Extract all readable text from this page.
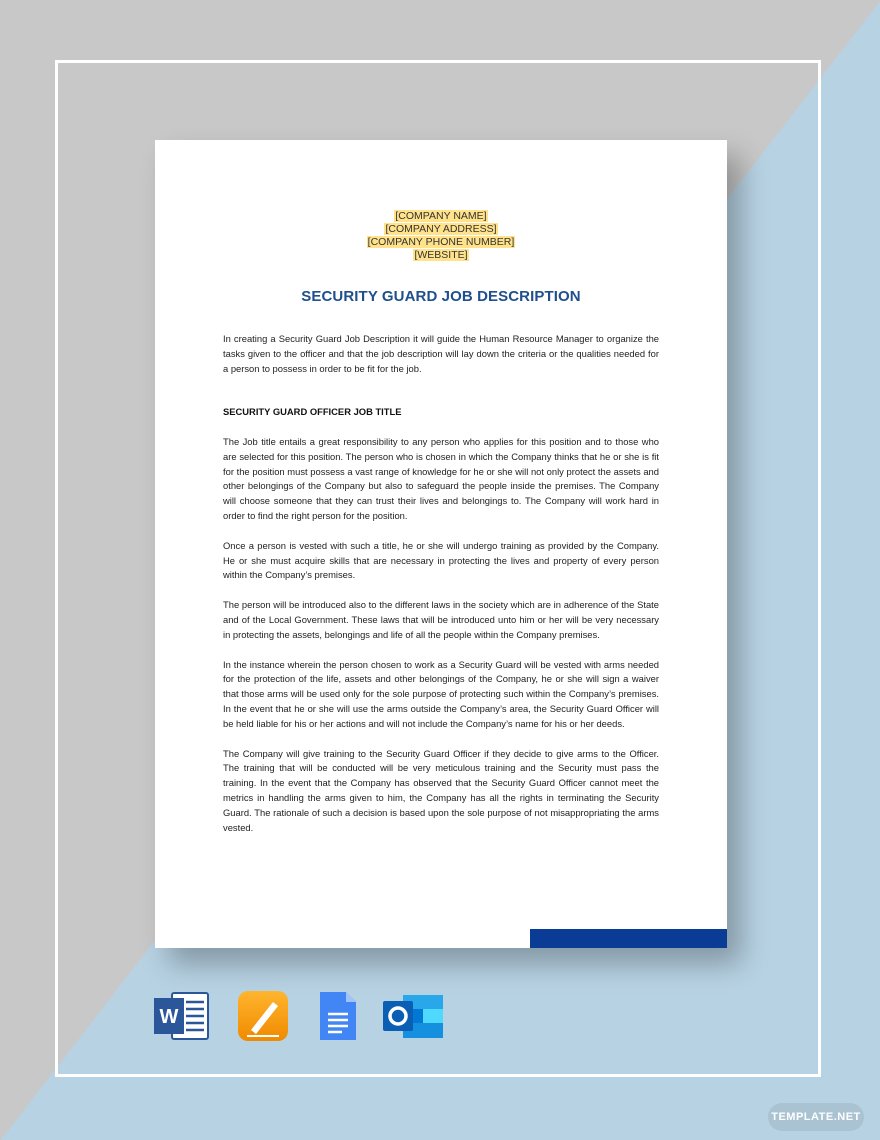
[COMPANY NAME]
[COMPANY ADDRESS]
[COMPANY PHONE NUMBER]
[WEBSITE]
SECURITY GUARD JOB DESCRIPTION

In creating a Security Guard Job Description it will guide the Human Resource Manager to organize the tasks given to the officer and that the job description will lay down the criteria or the qualities needed for a person to possess in order to be fit for the job.

SECURITY GUARD OFFICER JOB TITLE

The Job title entails a great responsibility to any person who applies for this position and to those who are selected for this position. The person who is chosen in which the Company thinks that he or she is fit for the position must possess a vast range of knowledge for he or she will not only protect the assets and other belongings of the Company but also to safeguard the people inside the premises. The Company will choose someone that they can trust their lives and belongings to. The Company will work hard in order to find the right person for the position.

Once a person is vested with such a title, he or she will undergo training as provided by the Company. He or she must acquire skills that are necessary in protecting the lives and property of every person within the Company’s premises.

The person will be introduced also to the different laws in the society which are in adherence of the State and of the Local Government. These laws that will be introduced unto him or her will be very necessary in protecting the assets, belongings and life of all the people within the Company premises.

In the instance wherein the person chosen to work as a Security Guard will be vested with arms needed for the protection of the life, assets and other belongings of the Company, he or she will sign a waiver that those arms will be used only for the sole purpose of protecting such within the Company’s premises. In the event that he or she will use the arms outside the Company’s area, the Security Guard Officer will be held liable for his or her actions and will not include the Company’s name for his or her deeds.

The Company will give training to the Security Guard Officer if they decide to give arms to the Officer. The training that will be conducted will be very meticulous training and the Security must pass the training. In the event that the Company has observed that the Security Guard Officer cannot meet the metrics in handling the arms given to him, the Company has all the rights in terminating the Security Guard. The rationale of such a decision is based upon the sole purpose of not misappropriating the arms vested.

W
TEMPLATE.NET
